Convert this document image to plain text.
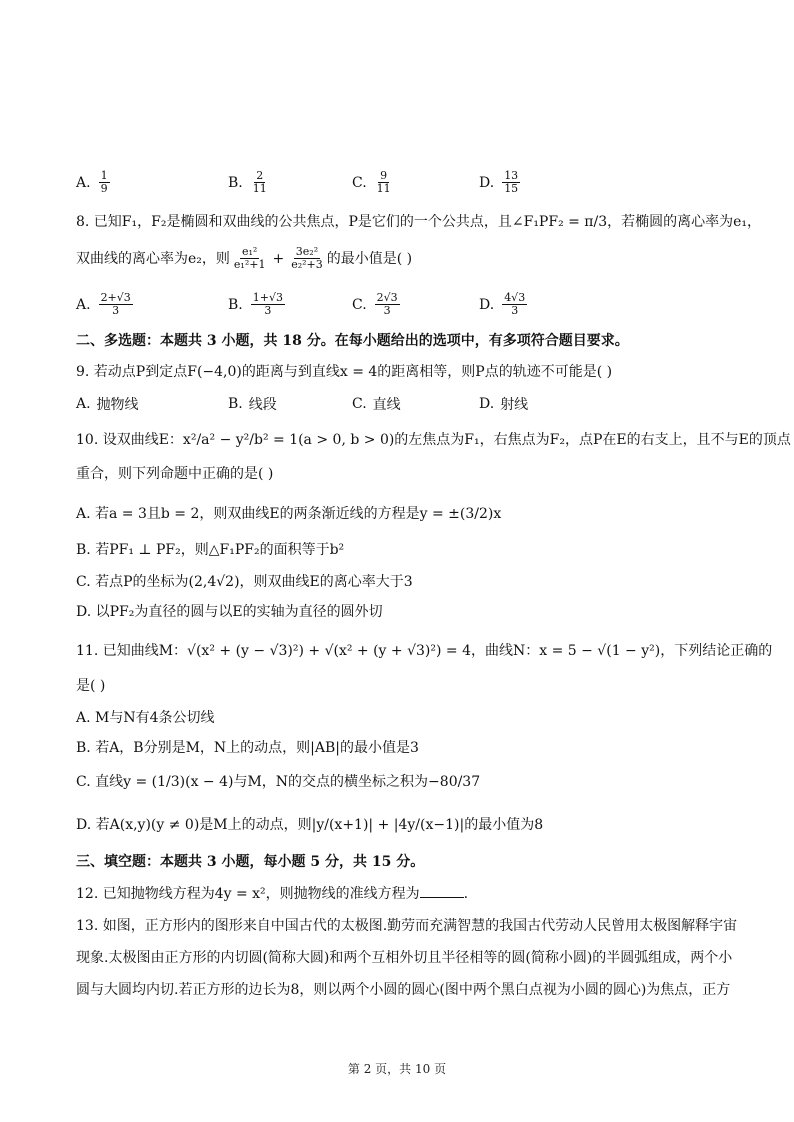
A. $\frac{1}{9}$	B. $\frac{2}{11}$	C. $\frac{9}{11}$	D. $\frac{13}{15}$
8. 已知F₁，F₂是椭圆和双曲线的公共焦点，P是它们的一个公共点，且∠F₁PF₂ = π/3，若椭圆的离心率为e₁，
双曲线的离心率为e₂，则 $\frac{\text{e₁²}}{\text{e₁²+1}} + \frac{\text{3e₂²}}{\text{e₂²+3}}$ 的最小值是( )
A. $\frac{2+√3}{3}$	B. $\frac{1+√3}{3}$	C. $\frac{2√3}{3}$	D. $\frac{4√3}{3}$
二、多选题：本题共 3 小题，共 18 分。在每小题给出的选项中，有多项符合题目要求。
9. 若动点P到定点F(−4,0)的距离与到直线x = 4的距离相等，则P点的轨迹不可能是( )
A. 抛物线	B. 线段	C. 直线	D. 射线
10. 设双曲线E：x²/a² − y²/b² = 1(a > 0, b > 0)的左焦点为F₁，右焦点为F₂，点P在E的右支上，且不与E的顶点
重合，则下列命题中正确的是( )
A. 若a = 3且b = 2，则双曲线E的两条渐近线的方程是y = ±(3/2)x
B. 若PF₁ ⊥ PF₂，则△F₁PF₂的面积等于b²
C. 若点P的坐标为(2,4√2)，则双曲线E的离心率大于3
D. 以PF₂为直径的圆与以E的实轴为直径的圆外切
11. 已知曲线M：√(x² + (y − √3)²) + √(x² + (y + √3)²) = 4，曲线N：x = 5 − √(1 − y²)，下列结论正确的
是( )
A. M与N有4条公切线
B. 若A，B分别是M，N上的动点，则|AB|的最小值是3
C. 直线y = (1/3)(x − 4)与M，N的交点的横坐标之积为−80/37
D. 若A(x,y)(y ≠ 0)是M上的动点，则|y/(x+1)| + |4y/(x−1)|的最小值为8
三、填空题：本题共 3 小题，每小题 5 分，共 15 分。
12. 已知抛物线方程为4y = x²，则抛物线的准线方程为	.
13. 如图，正方形内的图形来自中国古代的太极图.勤劳而充满智慧的我国古代劳动人民曾用太极图解释宇宙
现象.太极图由正方形的内切圆(简称大圆)和两个互相外切且半径相等的圆(简称小圆)的半圆弧组成，两个小
圆与大圆均内切.若正方形的边长为8，则以两个小圆的圆心(图中两个黑白点视为小圆的圆心)为焦点，正方
第 2 页，共 10 页
